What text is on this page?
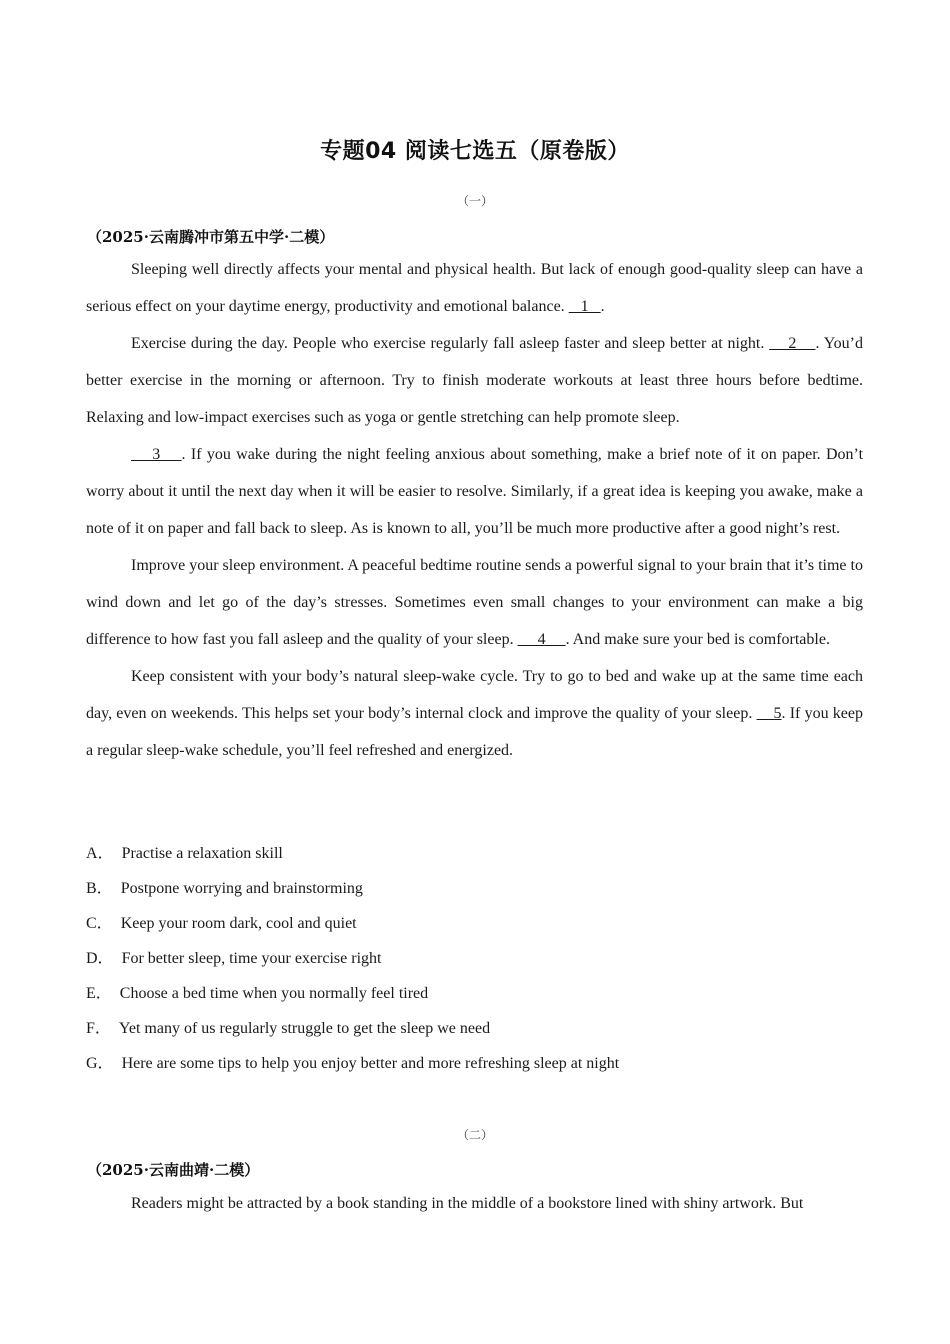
专题04 阅读七选五（原卷版）
（一）
（2025·云南腾冲市第五中学·二模）

Sleeping well directly affects your mental and physical health. But lack of enough good-quality sleep can have a serious effect on your daytime energy, productivity and emotional balance.    1   .

Exercise during the day. People who exercise regularly fall asleep faster and sleep better at night.     2    . You’d better exercise in the morning or afternoon. Try to finish moderate workouts at least three hours before bedtime. Relaxing and low-impact exercises such as yoga or gentle stretching can help promote sleep.

3    . If you wake during the night feeling anxious about something, make a brief note of it on paper. Don’t worry about it until the next day when it will be easier to resolve. Similarly, if a great idea is keeping you awake, make a note of it on paper and fall back to sleep. As is known to all, you’ll be much more productive after a good night’s rest.

Improve your sleep environment. A peaceful bedtime routine sends a powerful signal to your brain that it’s time to wind down and let go of the day’s stresses. Sometimes even small changes to your environment can make a big difference to how fast you fall asleep and the quality of your sleep.      4     . And make sure your bed is comfortable.

Keep consistent with your body’s natural sleep-wake cycle. Try to go to bed and wake up at the same time each day, even on weekends. This helps set your body’s internal clock and improve the quality of your sleep.     5. If you keep a regular sleep-wake schedule, you’ll feel refreshed and energized.

A． Practise a relaxation skill
B． Postpone worrying and brainstorming
C． Keep your room dark, cool and quiet
D． For better sleep, time your exercise right
E． Choose a bed time when you normally feel tired
F． Yet many of us regularly struggle to get the sleep we need
G． Here are some tips to help you enjoy better and more refreshing sleep at night
（二）
（2025·云南曲靖·二模）

Readers might be attracted by a book standing in the middle of a bookstore lined with shiny artwork. But
